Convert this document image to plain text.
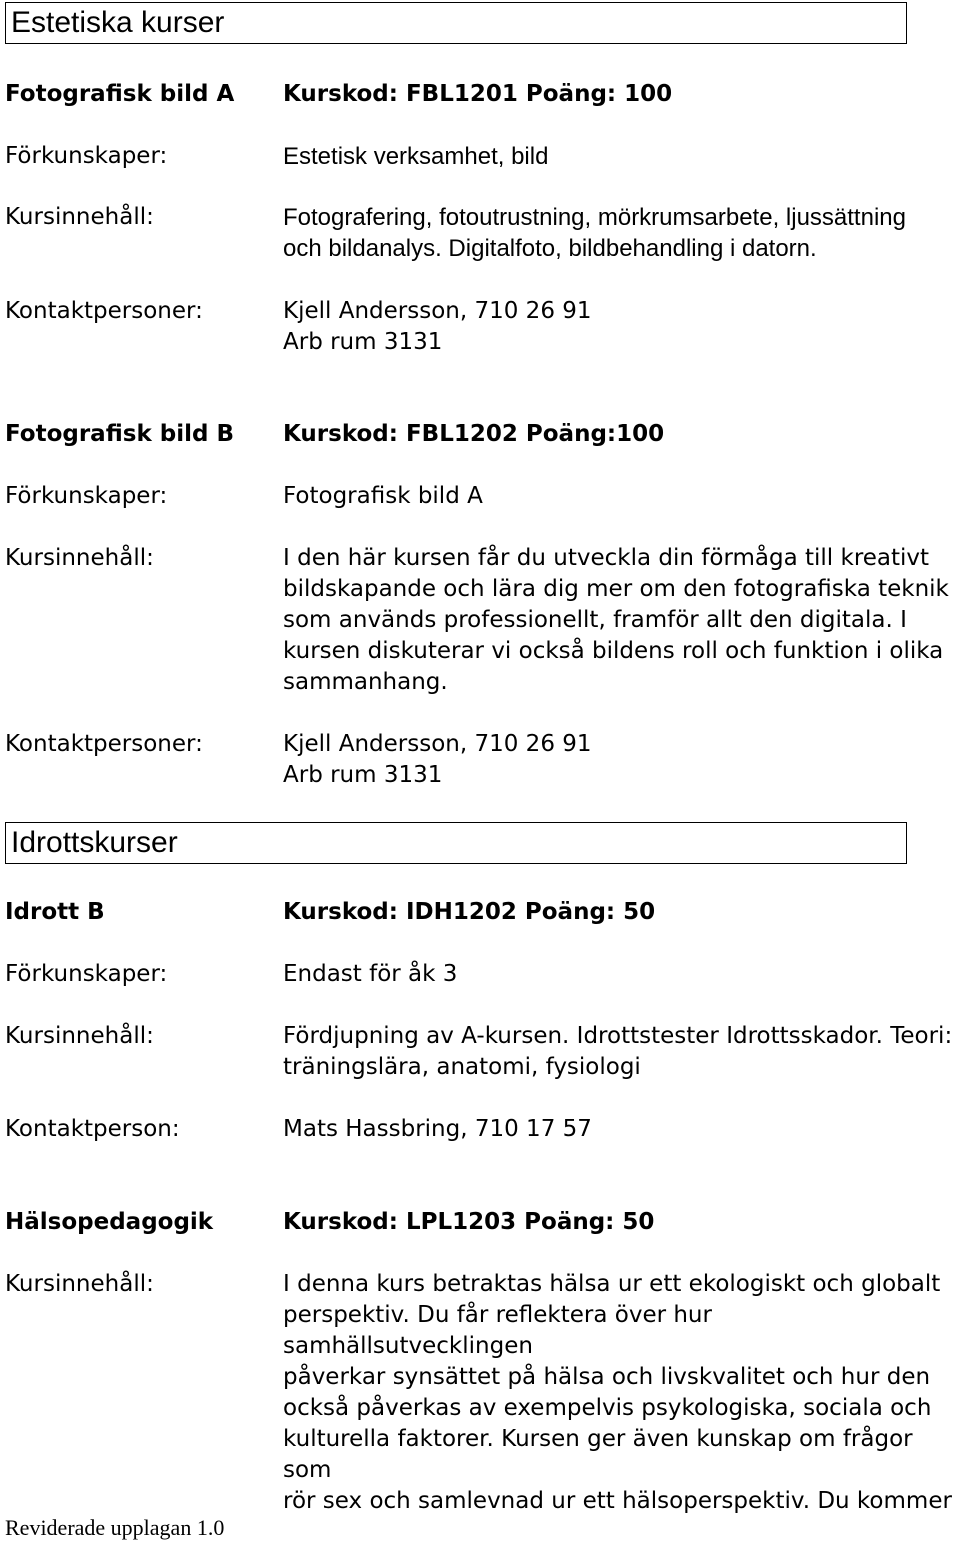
Estetiska kurser
Fotografisk bild A Kurskod: FBL1201 Poäng: 100
Förkunskaper:	Estetisk verksamhet, bild
Kursinnehåll:	Fotografering, fotoutrustning, mörkrumsarbete, ljussättning
och bildanalys. Digitalfoto, bildbehandling i datorn.
Kontaktpersoner:	Kjell Andersson, 710 26 91
Arb rum 3131
Fotografisk bild B Kurskod: FBL1202 Poäng:100
Förkunskaper:	Fotografisk bild A
Kursinnehåll:	I den här kursen får du utveckla din förmåga till kreativt
bildskapande och lära dig mer om den fotografiska teknik
som används professionellt, framför allt den digitala. I
kursen diskuterar vi också bildens roll och funktion i olika
sammanhang.
Kontaktpersoner:	Kjell Andersson, 710 26 91
Arb rum 3131
Idrottskurser
Idrott B	Kurskod: IDH1202 Poäng: 50
Förkunskaper:	Endast för åk 3
Kursinnehåll:	Fördjupning av A-kursen. Idrottstester Idrottsskador. Teori:
träningslära, anatomi, fysiologi
Kontaktperson:	Mats Hassbring, 710 17 57
Hälsopedagogik	Kurskod: LPL1203 Poäng: 50
Kursinnehåll:	I denna kurs betraktas hälsa ur ett ekologiskt och globalt
perspektiv. Du får reflektera över hur samhällsutvecklingen
påverkar synsättet på hälsa och livskvalitet och hur den
också påverkas av exempelvis psykologiska, sociala och
kulturella faktorer. Kursen ger även kunskap om frågor som
rör sex och samlevnad ur ett hälsoperspektiv. Du kommer
Reviderade upplagan 1.0
